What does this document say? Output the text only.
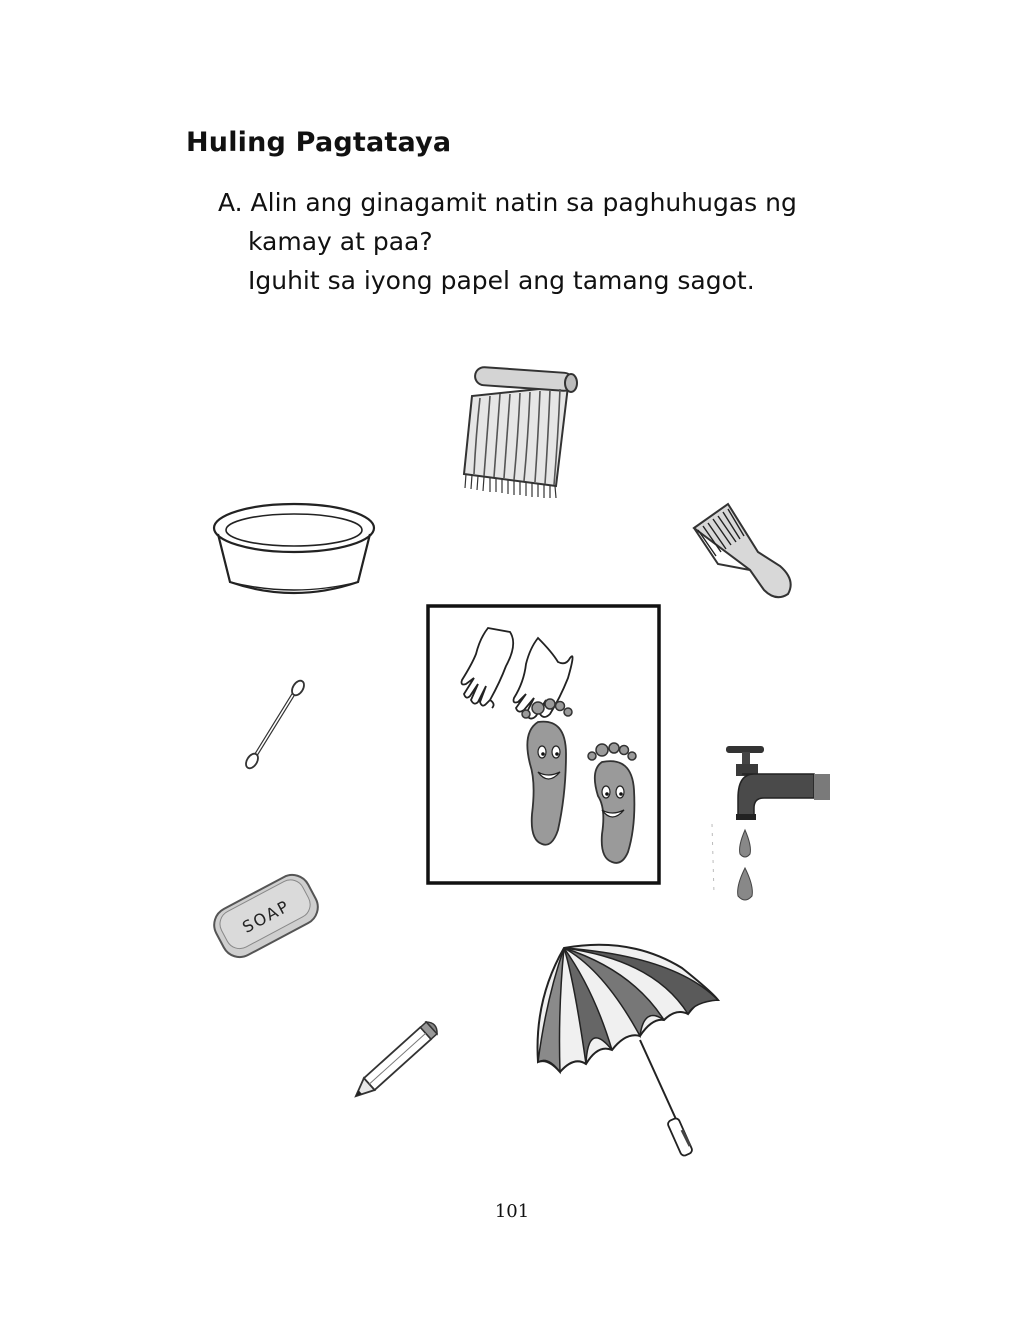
Huling Pagtataya
A. Alin ang ginagamit natin sa paghuhugas ng
kamay at paa?
Iguhit sa iyong papel ang tamang sagot.
SOAP
101
